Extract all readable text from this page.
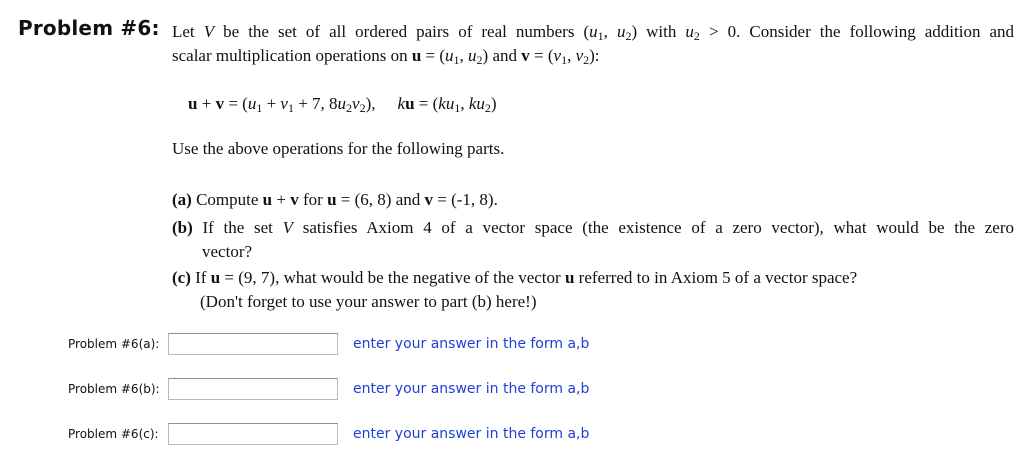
Problem #6: Let V be the set of all ordered pairs of real numbers ($u_1$, $u_2$) with $u_2 > 0$. Consider the following addition and
scalar multiplication operations on $u = (u_1$, $u_2$) and $v = (v_1$, $v_2$):
$u + v = (u_1 + v_1 + 7$, $8u_2v_2$), ku = ($ku_1$, $ku_2$)
Use the above operations for the following parts.
(a) Compute u + v for u = (6, 8) and v = (-1, 8).
(b) If the set V satisfies Axiom 4 of a vector space (the existence of a zero vector), what would be the zero
vector?
(c) If u = (9, 7), what would be the negative of the vector u referred to in Axiom 5 of a vector space?
(Don't forget to use your answer to part (b) here!)
Problem #6(a):	enter your answer in the form a,b
Problem #6(b):	enter your answer in the form a,b
Problem #6(c):	enter your answer in the form a,b
